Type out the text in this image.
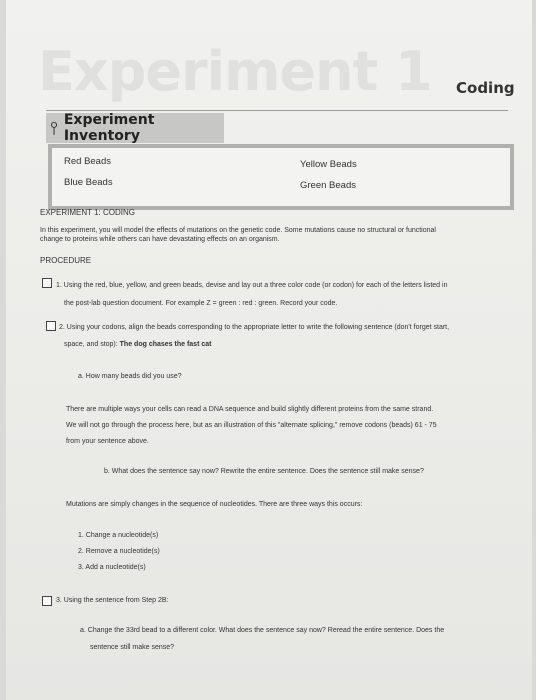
Experiment 1 Coding
⫯ Experiment Inventory
Red Beads	Yellow Beads
Blue Beads	Green Beads
EXPERIMENT 1: CODING
In this experiment, you will model the effects of mutations on the genetic code. Some mutations cause no structural or functional
change to proteins while others can have devastating effects on an organism.
PROCEDURE
1. Using the red, blue, yellow, and green beads, devise and lay out a three color code (or codon) for each of the letters listed in
the post-lab question document. For example Z = green : red : green. Record your code.
2. Using your codons, align the beads corresponding to the appropriate letter to write the following sentence (don't forget start,
space, and stop): The dog chases the fast cat
a. How many beads did you use?
There are multiple ways your cells can read a DNA sequence and build slightly different proteins from the same strand.
We will not go through the process here, but as an illustration of this "alternate splicing," remove codons (beads) 61 - 75
from your sentence above.
b. What does the sentence say now? Rewrite the entire sentence. Does the sentence still make sense?
Mutations are simply changes in the sequence of nucleotides. There are three ways this occurs:
1. Change a nucleotide(s)
2. Remove a nucleotide(s)
3. Add a nucleotide(s)
3. Using the sentence from Step 2B:
a. Change the 33rd bead to a different color. What does the sentence say now? Reread the entire sentence. Does the
sentence still make sense?
